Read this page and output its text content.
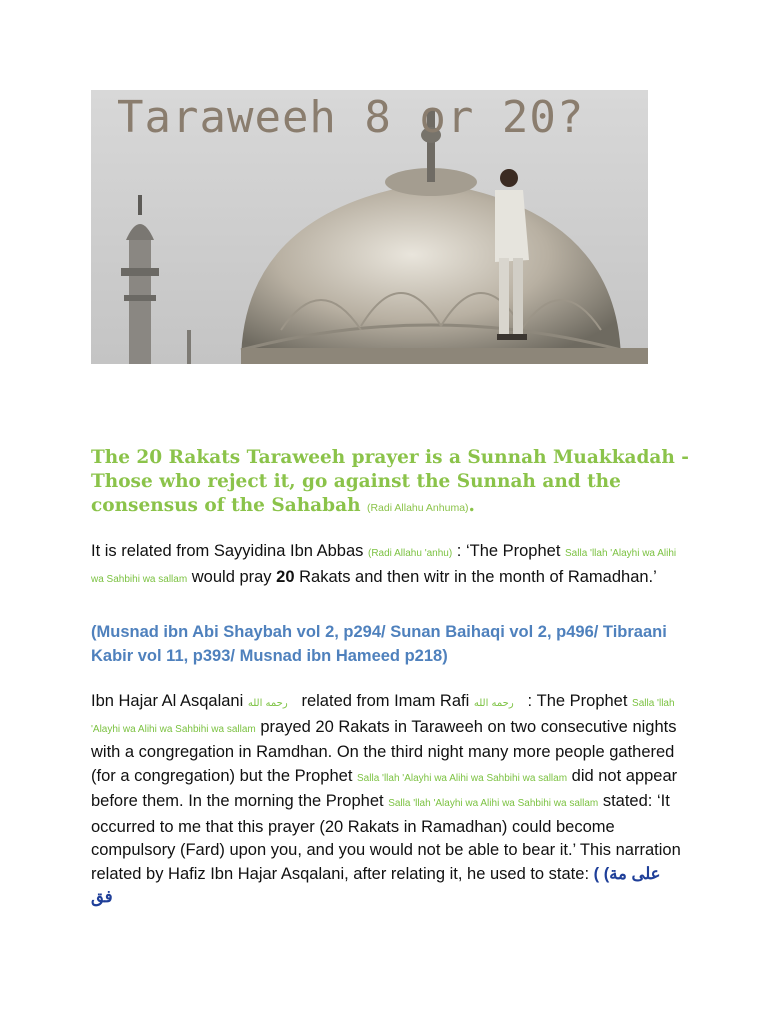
Taraweeh 8 or 20?
The 20 Rakats Taraweeh prayer is a Sunnah Muakkadah - Those who reject it, go against the Sunnah and the consensus of the Sahabah (Radi Allahu Anhuma).
It is related from Sayyidina Ibn Abbas (Radi Allahu 'anhu) : ‘The Prophet Salla 'llah 'Alayhi wa Alihi wa Sahbihi wa sallam would pray 20 Rakats and then witr in the month of Ramadhan.’
(Musnad ibn Abi Shaybah vol 2, p294/ Sunan Baihaqi vol 2, p496/ Tibraani Kabir vol 11, p393/ Musnad ibn Hameed p218)
Ibn Hajar Al Asqalani رحمه الله related from Imam Rafi رحمه الله : The Prophet Salla 'llah 'Alayhi wa Alihi wa Sahbihi wa sallam prayed 20 Rakats in Taraweeh on two consecutive nights with a congregation in Ramdhan. On the third night many more people gathered (for a congregation) but the Prophet Salla 'llah 'Alayhi wa Alihi wa Sahbihi wa sallam did not appear before them. In the morning the Prophet Salla 'llah 'Alayhi wa Alihi wa Sahbihi wa sallam stated: ‘It occurred to me that this prayer (20 Rakats in Ramadhan) could become compulsory (Fard) upon you, and you would not be able to bear it.’ This narration related by Hafiz Ibn Hajar Asqalani, after relating it, he used to state: ( (على مة فق
